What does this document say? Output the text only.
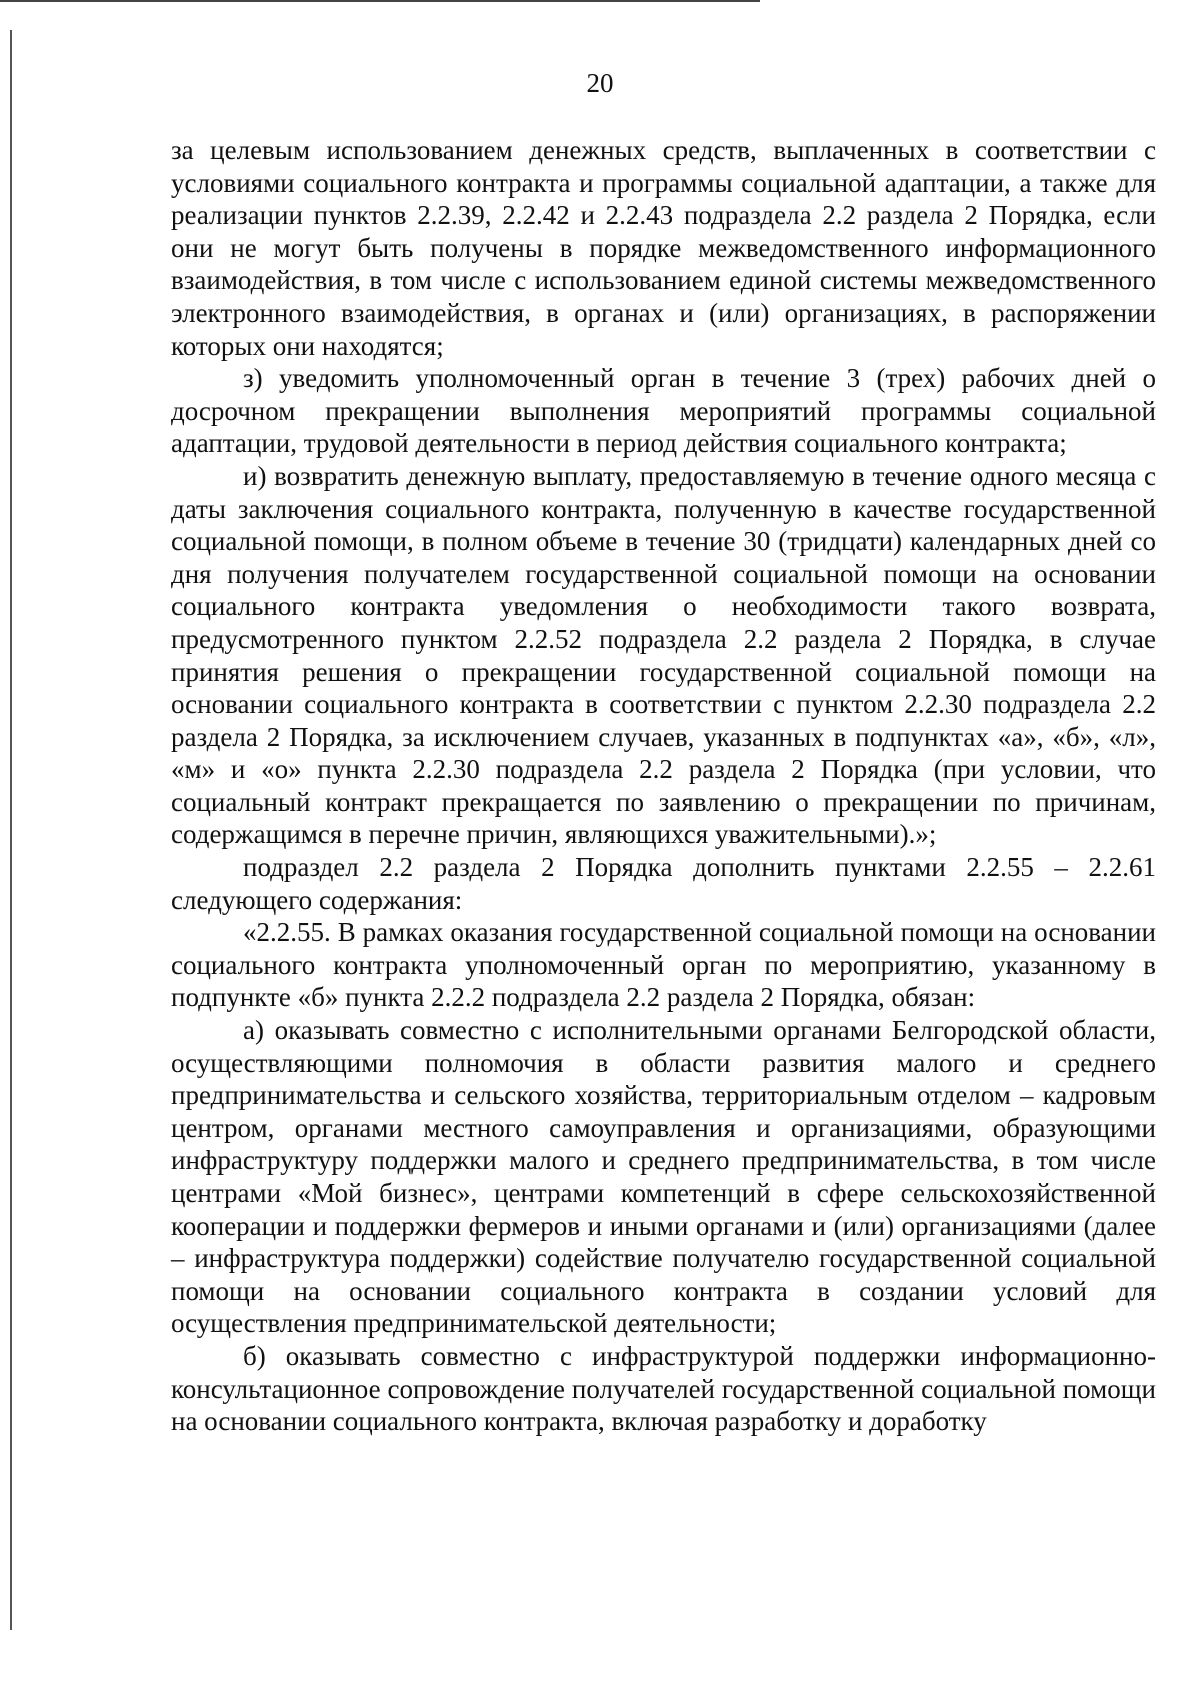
20

за целевым использованием денежных средств, выплаченных в соответствии с условиями социального контракта и программы социальной адаптации, а также для реализации пунктов 2.2.39, 2.2.42 и 2.2.43 подраздела 2.2 раздела 2 Порядка, если они не могут быть получены в порядке межведомственного информационного взаимодействия, в том числе с использованием единой системы межведомственного электронного взаимодействия, в органах и (или) организациях, в распоряжении которых они находятся;

з) уведомить уполномоченный орган в течение 3 (трех) рабочих дней о досрочном прекращении выполнения мероприятий программы социальной адаптации, трудовой деятельности в период действия социального контракта;

и) возвратить денежную выплату, предоставляемую в течение одного месяца с даты заключения социального контракта, полученную в качестве государственной социальной помощи, в полном объеме в течение 30 (тридцати) календарных дней со дня получения получателем государственной социальной помощи на основании социального контракта уведомления о необходимости такого возврата, предусмотренного пунктом 2.2.52 подраздела 2.2 раздела 2 Порядка, в случае принятия решения о прекращении государственной социальной помощи на основании социального контракта в соответствии с пунктом 2.2.30 подраздела 2.2 раздела 2 Порядка, за исключением случаев, указанных в подпунктах «а», «б», «л», «м» и «о» пункта 2.2.30 подраздела 2.2 раздела 2 Порядка (при условии, что социальный контракт прекращается по заявлению о прекращении по причинам, содержащимся в перечне причин, являющихся уважительными).»;

подраздел 2.2 раздела 2 Порядка дополнить пунктами 2.2.55 – 2.2.61 следующего содержания:

«2.2.55. В рамках оказания государственной социальной помощи на основании социального контракта уполномоченный орган по мероприятию, указанному в подпункте «б» пункта 2.2.2 подраздела 2.2 раздела 2 Порядка, обязан:

а) оказывать совместно с исполнительными органами Белгородской области, осуществляющими полномочия в области развития малого и среднего предпринимательства и сельского хозяйства, территориальным отделом – кадровым центром, органами местного самоуправления и организациями, образующими инфраструктуру поддержки малого и среднего предпринимательства, в том числе центрами «Мой бизнес», центрами компетенций в сфере сельскохозяйственной кооперации и поддержки фермеров и иными органами и (или) организациями (далее – инфраструктура поддержки) содействие получателю государственной социальной помощи на основании социального контракта в создании условий для осуществления предпринимательской деятельности;

б) оказывать совместно с инфраструктурой поддержки информационно-консультационное сопровождение получателей государственной социальной помощи на основании социального контракта, включая разработку и доработку
